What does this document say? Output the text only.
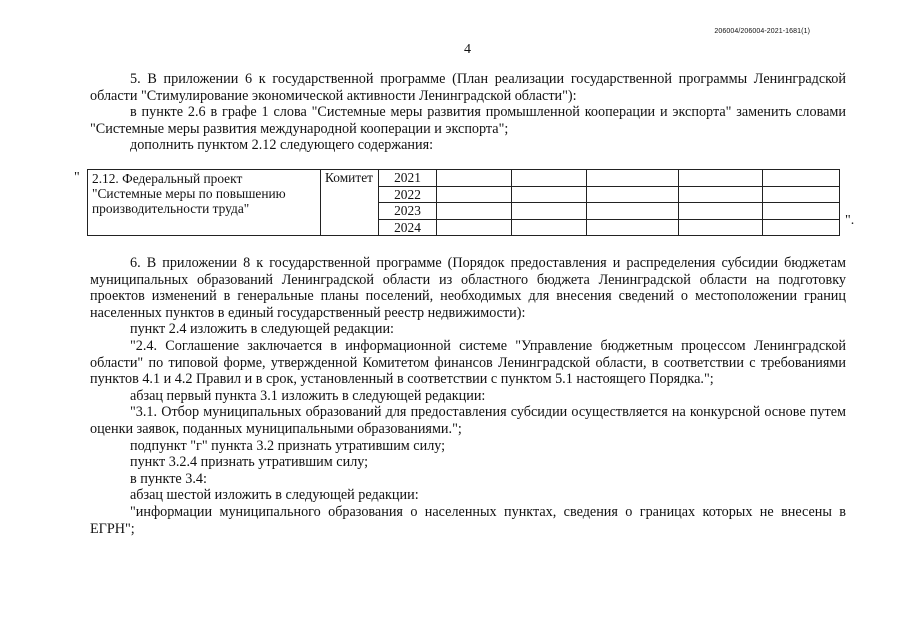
206004/206004-2021-1681(1)
4

5. В приложении 6 к государственной программе (План реализации государственной программы Ленинградской области "Стимулирование экономической активности Ленинградской области"):

в пункте 2.6 в графе 1 слова "Системные меры развития промышленной кооперации и экспорта" заменить словами "Системные меры развития международной кооперации и экспорта";

дополнить пунктом 2.12 следующего содержания:

" 2.12. Федеральный проект
"Системные меры по повышению
производительности труда"	Комитет	2021					
		2022					
		2023					
		2024						".

6. В приложении 8 к государственной программе (Порядок предоставления и распределения субсидии бюджетам муниципальных образований Ленинградской области из областного бюджета Ленинградской области на подготовку проектов изменений в генеральные планы поселений, необходимых для внесения сведений о местоположении границ населенных пунктов в единый государственный реестр недвижимости):

пункт 2.4 изложить в следующей редакции:

"2.4. Соглашение заключается в информационной системе "Управление бюджетным процессом Ленинградской области" по типовой форме, утвержденной Комитетом финансов Ленинградской области, в соответствии с требованиями пунктов 4.1 и 4.2 Правил и в срок, установленный в соответствии с пунктом 5.1 настоящего Порядка.";

абзац первый пункта 3.1 изложить в следующей редакции:

"3.1. Отбор муниципальных образований для предоставления субсидии осуществляется на конкурсной основе путем оценки заявок, поданных муниципальными образованиями.";

подпункт "г" пункта 3.2 признать утратившим силу;

пункт 3.2.4 признать утратившим силу;

в пункте 3.4:

абзац шестой изложить в следующей редакции:

"информации муниципального образования о населенных пунктах, сведения о границах которых не внесены в ЕГРН";
